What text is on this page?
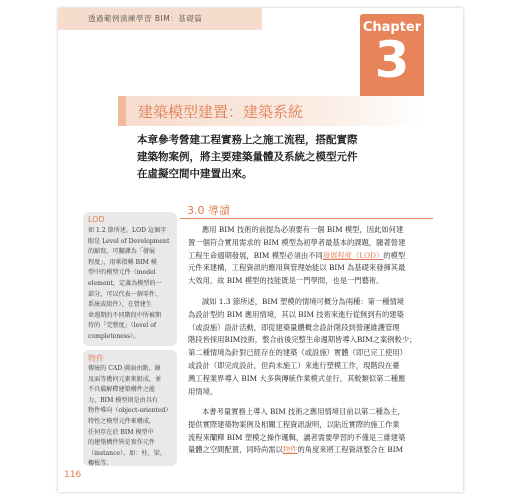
透過範例演練學習 BIM：基礎篇
Chapter
3
建築模型建置：建築系統

本章參考營建工程實務上之施工流程，搭配實際
建築物案例，將主要建築量體及系統之模型元件
在虛擬空間中建置出來。

3.0 導讀

應用 BIM 技術的前提為必須要有一個 BIM 模型，因此如何建
置一個符合實用需求的 BIM 模型為初學者最基本的課題，隨著營建
工程生命週期發展，BIM 模型必須由不同發展程度（LOD）的模型
元件來建構，工程資訊的應用與管理始能以 BIM 為基礎來發揮其最
大效用，故 BIM 模型的技能既是一門學問，也是一門藝術。

誠如 1.3 節所述，BIM 塑模的情境可概分為兩種：第一種情境
為設計型的 BIM 應用情境，其以 BIM 技術來進行從無到有的建築
（或設施）設計活動，即從建築量體概念設計階段到營運維護管理
階段皆採用BIM技術，整合前後完整生命週期皆導入BIM之案例較少；
第二種情境為針對已經存在的建築（或設施）實體（即已完工使用）
或設計（即完成設計，但尚未施工）來進行塑模工作，現階段在臺
灣工程業界導入 BIM 大多與傳統作業模式並行，其較類似第二種應
用情境。

本書考量實務上導入 BIM 技術之應用情境目前以第二種為主，
提供實際建築物案例及相關工程資訊說明，以貼近實際的施工作業
流程來闡釋 BIM 塑模之操作邏輯，讀者需要學習的不僅是三維建築
量體之空間配置，同時尚需以物件的角度來將工程資訊整合在 BIM

LOD

如 1.2 節所述，LOD 這個字
眼是 Level of Development
的縮寫，可翻譯為「發展
程度」，用來指稱 BIM 模
型中的模型元件（model
element，定義為模型的一
部分，可以代表一個零件、
系統或組件），在營建生
命週期的不同階段中所被期
待的「完整度」（level of
completeness）。

物件

傳統的 CAD 圖面由點、線
及面等幾何元素來組成，並
不具備解釋建築構件之能
力，BIM 模型則是由具有
物件導向（object-oriented）
特性之模型元件來構成，
任何存在於 BIM 模型中
的建築構件皆是實作元件
（instance），如：柱、梁、
樓板等。

116
